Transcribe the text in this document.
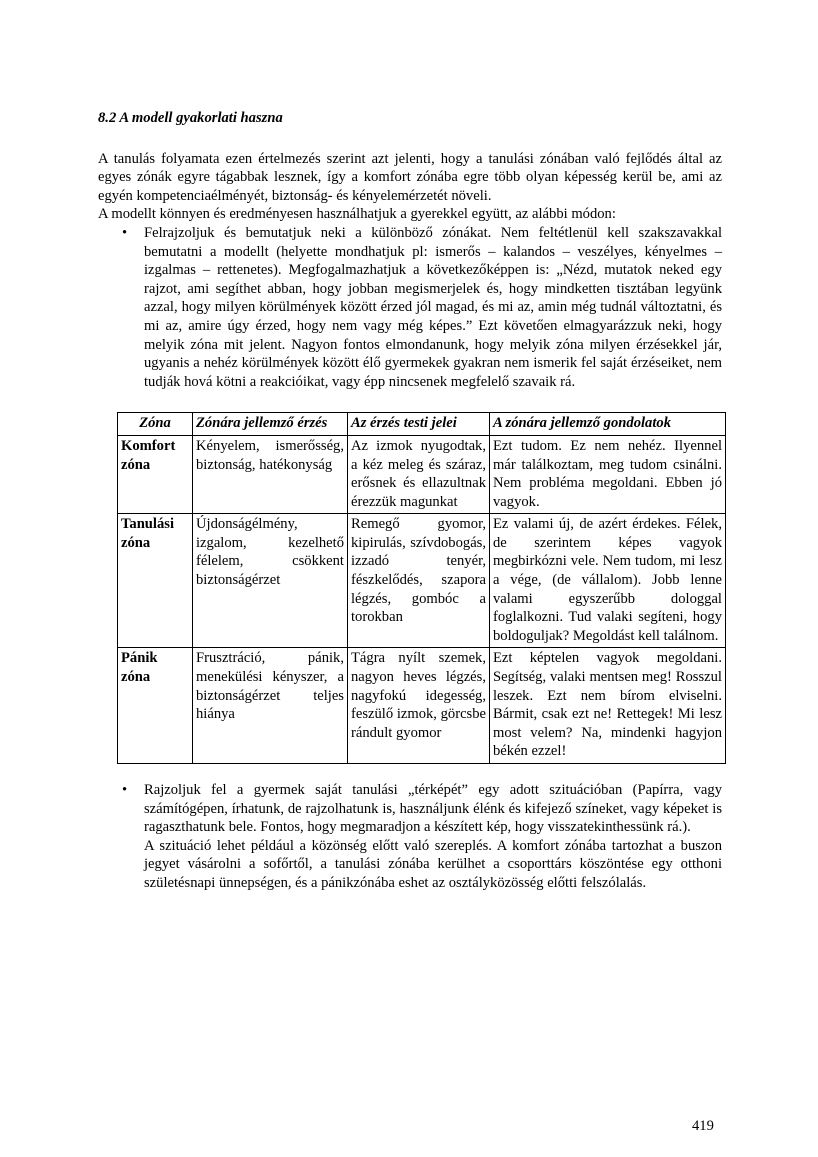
8.2 A modell gyakorlati haszna

A tanulás folyamata ezen értelmezés szerint azt jelenti, hogy a tanulási zónában való fejlődés által az egyes zónák egyre tágabbak lesznek, így a komfort zónába egre több olyan képesség kerül be, ami az egyén kompetenciaélményét, biztonság- és kényelemérzetét növeli.

A modellt könnyen és eredményesen használhatjuk a gyerekkel együtt, az alábbi módon:

• Felrajzoljuk és bemutatjuk neki a különböző zónákat. Nem feltétlenül kell szakszavakkal bemutatni a modellt (helyette mondhatjuk pl: ismerős – kalandos – veszélyes, kényelmes – izgalmas – rettenetes). Megfogalmazhatjuk a következőképpen is: „Nézd, mutatok neked egy rajzot, ami segíthet abban, hogy jobban megismerjelek és, hogy mindketten tisztában legyünk azzal, hogy milyen körülmények között érzed jól magad, és mi az, amin még tudnál változtatni, és mi az, amire úgy érzed, hogy nem vagy még képes.” Ezt követően elmagyarázzuk neki, hogy melyik zóna mit jelent. Nagyon fontos elmondanunk, hogy melyik zóna milyen érzésekkel jár, ugyanis a nehéz körülmények között élő gyermekek gyakran nem ismerik fel saját érzéseiket, nem tudják hová kötni a reakcióikat, vagy épp nincsenek megfelelő szavaik rá.
Zóna	Zónára jellemző érzés	Az érzés testi jelei	A zónára jellemző gondolatok
Komfort zóna	Kényelem, ismerősség, biztonság, hatékonyság	Az izmok nyugodtak, a kéz meleg és száraz, erősnek és ellazultnak érezzük magunkat	Ezt tudom. Ez nem nehéz. Ilyennel már találkoztam, meg tudom csinálni. Nem probléma megoldani. Ebben jó vagyok.
Tanulási zóna	Újdonságélmény, izgalom, kezelhető félelem, csökkent biztonságérzet	Remegő gyomor, kipirulás, szívdobogás, izzadó tenyér, fészkelődés, szapora légzés, gombóc a torokban	Ez valami új, de azért érdekes. Félek, de szerintem képes vagyok megbirkózni vele. Nem tudom, mi lesz a vége, (de vállalom). Jobb lenne valami egyszerűbb dologgal foglalkozni. Tud valaki segíteni, hogy boldoguljak? Megoldást kell találnom.
Pánik zóna	Frusztráció, pánik, menekülési kényszer, a biztonságérzet teljes hiánya	Tágra nyílt szemek, nagyon heves légzés, nagyfokú idegesség, feszülő izmok, görcsbe rándult gyomor	Ezt képtelen vagyok megoldani. Segítség, valaki mentsen meg! Rosszul leszek. Ezt nem bírom elviselni. Bármit, csak ezt ne! Rettegek! Mi lesz most velem? Na, mindenki hagyjon békén ezzel!
• Rajzoljuk fel a gyermek saját tanulási „térképét” egy adott szituációban (Papírra, vagy számítógépen, írhatunk, de rajzolhatunk is, használjunk élénk és kifejező színeket, vagy képeket is ragaszthatunk bele. Fontos, hogy megmaradjon a készített kép, hogy visszatekinthessünk rá.).
A szituáció lehet például a közönség előtt való szereplés. A komfort zónába tartozhat a buszon jegyet vásárolni a sofőrtől, a tanulási zónába kerülhet a csoporttárs köszöntése egy otthoni születésnapi ünnepségen, és a pánikzónába eshet az osztályközösség előtti felszólalás.
419
